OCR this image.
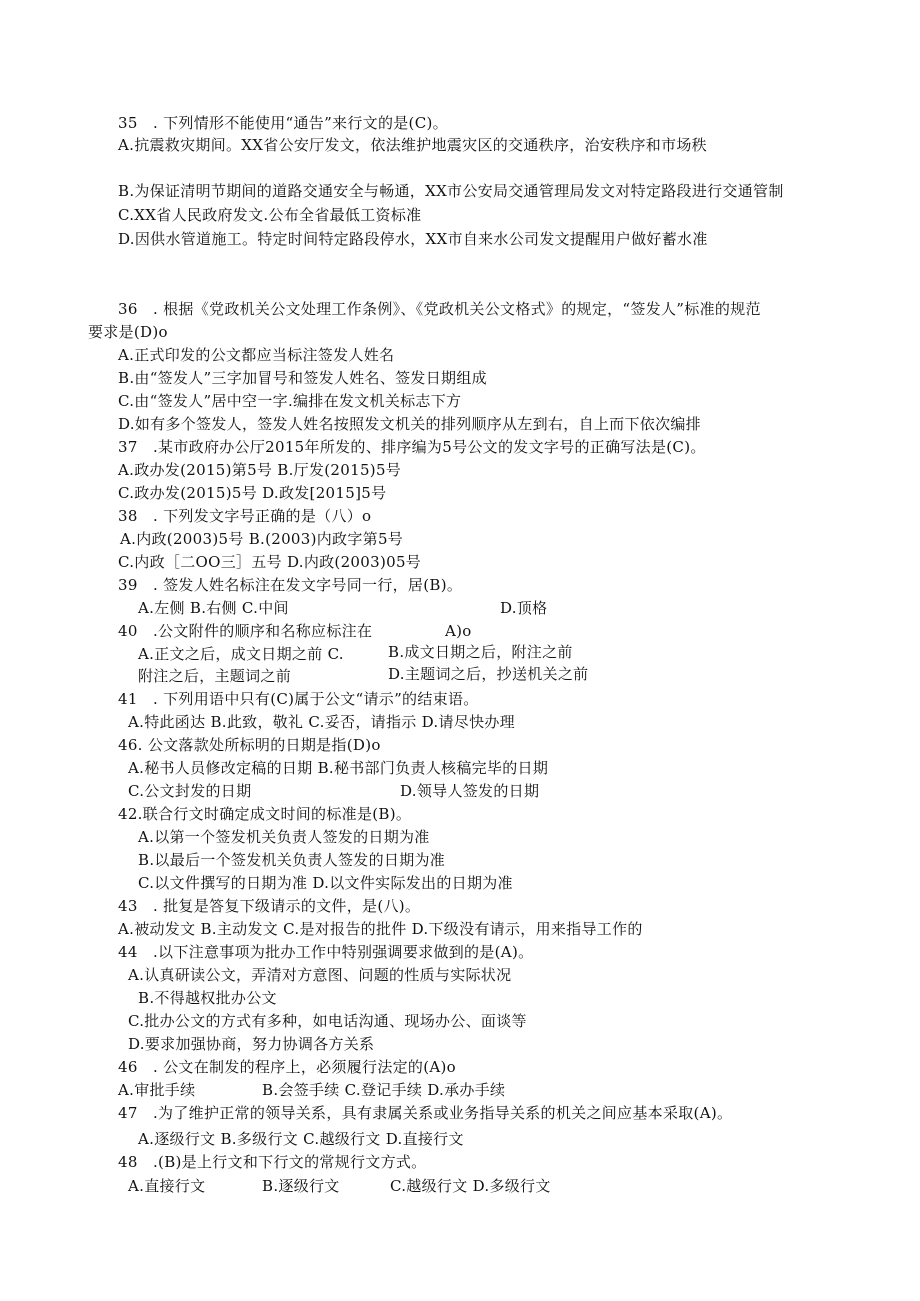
35　. 下列情形不能使用“通告”来行文的是(C)。
A.抗震救灾期间。XX省公安厅发文，依法维护地震灾区的交通秩序，治安秩序和市场秩
B.为保证清明节期间的道路交通安全与畅通，XX市公安局交通管理局发文对特定路段进行交通管制
C.XX省人民政府发文.公布全省最低工资标准
D.因供水管道施工。特定时间特定路段停水，XX市自来水公司发文提醒用户做好蓄水准
36　. 根据《党政机关公文处理工作条例》、《党政机关公文格式》的规定，“签发人”标准的规范
要求是(D)o
A.正式印发的公文都应当标注签发人姓名
B.由“签发人”三字加冒号和签发人姓名、签发日期组成
C.由“签发人”居中空一字.编排在发文机关标志下方
D.如有多个签发人，签发人姓名按照发文机关的排列顺序从左到右，自上而下依次编排
37　.某市政府办公厅2015年所发的、排序编为5号公文的发文字号的正确写法是(C)。
A.政办发(2015)第5号 B.厅发(2015)5号
C.政办发(2015)5号 D.政发[2015]5号
38　. 下列发文字号正确的是（八）o
A.内政(2003)5号 B.(2003)内政字第5号
C.内政［二OO三］五号 D.内政(2003)05号
39　. 签发人姓名标注在发文字号同一行，居(B)。
A.左侧 B.右侧 C.中间	D.顶格
40　.公文附件的顺序和名称应标注在	A)o
A.正文之后，成文日期之前 C.	B.成文日期之后，附注之前
附注之后，主题词之前	D.主题词之后，抄送机关之前
41　. 下列用语中只有(C)属于公文“请示”的结束语。
A.特此函达 B.此致，敬礼 C.妥否，请指示 D.请尽快办理
46. 公文落款处所标明的日期是指(D)o
A.秘书人员修改定稿的日期 B.秘书部门负责人核稿完毕的日期
C.公文封发的日期	D.领导人签发的日期
42.联合行文时确定成文时间的标准是(B)。
A.以第一个签发机关负责人签发的日期为准
B.以最后一个签发机关负责人签发的日期为准
C.以文件撰写的日期为准 D.以文件实际发出的日期为准
43　. 批复是答复下级请示的文件，是(八)。
A.被动发文 B.主动发文 C.是对报告的批件 D.下级没有请示，用来指导工作的
44　.以下注意事项为批办工作中特别强调要求做到的是(A)。
A.认真研读公文，弄清对方意图、问题的性质与实际状况
B.不得越权批办公文
C.批办公文的方式有多种，如电话沟通、现场办公、面谈等
D.要求加强协商，努力协调各方关系
46　. 公文在制发的程序上，必须履行法定的(A)o
A.审批手续	B.会签手续 C.登记手续 D.承办手续
47　.为了维护正常的领导关系，具有隶属关系或业务指导关系的机关之间应基本采取(A)。
A.逐级行文 B.多级行文 C.越级行文 D.直接行文
48　.(B)是上行文和下行文的常规行文方式。
A.直接行文	B.逐级行文	C.越级行文 D.多级行文
